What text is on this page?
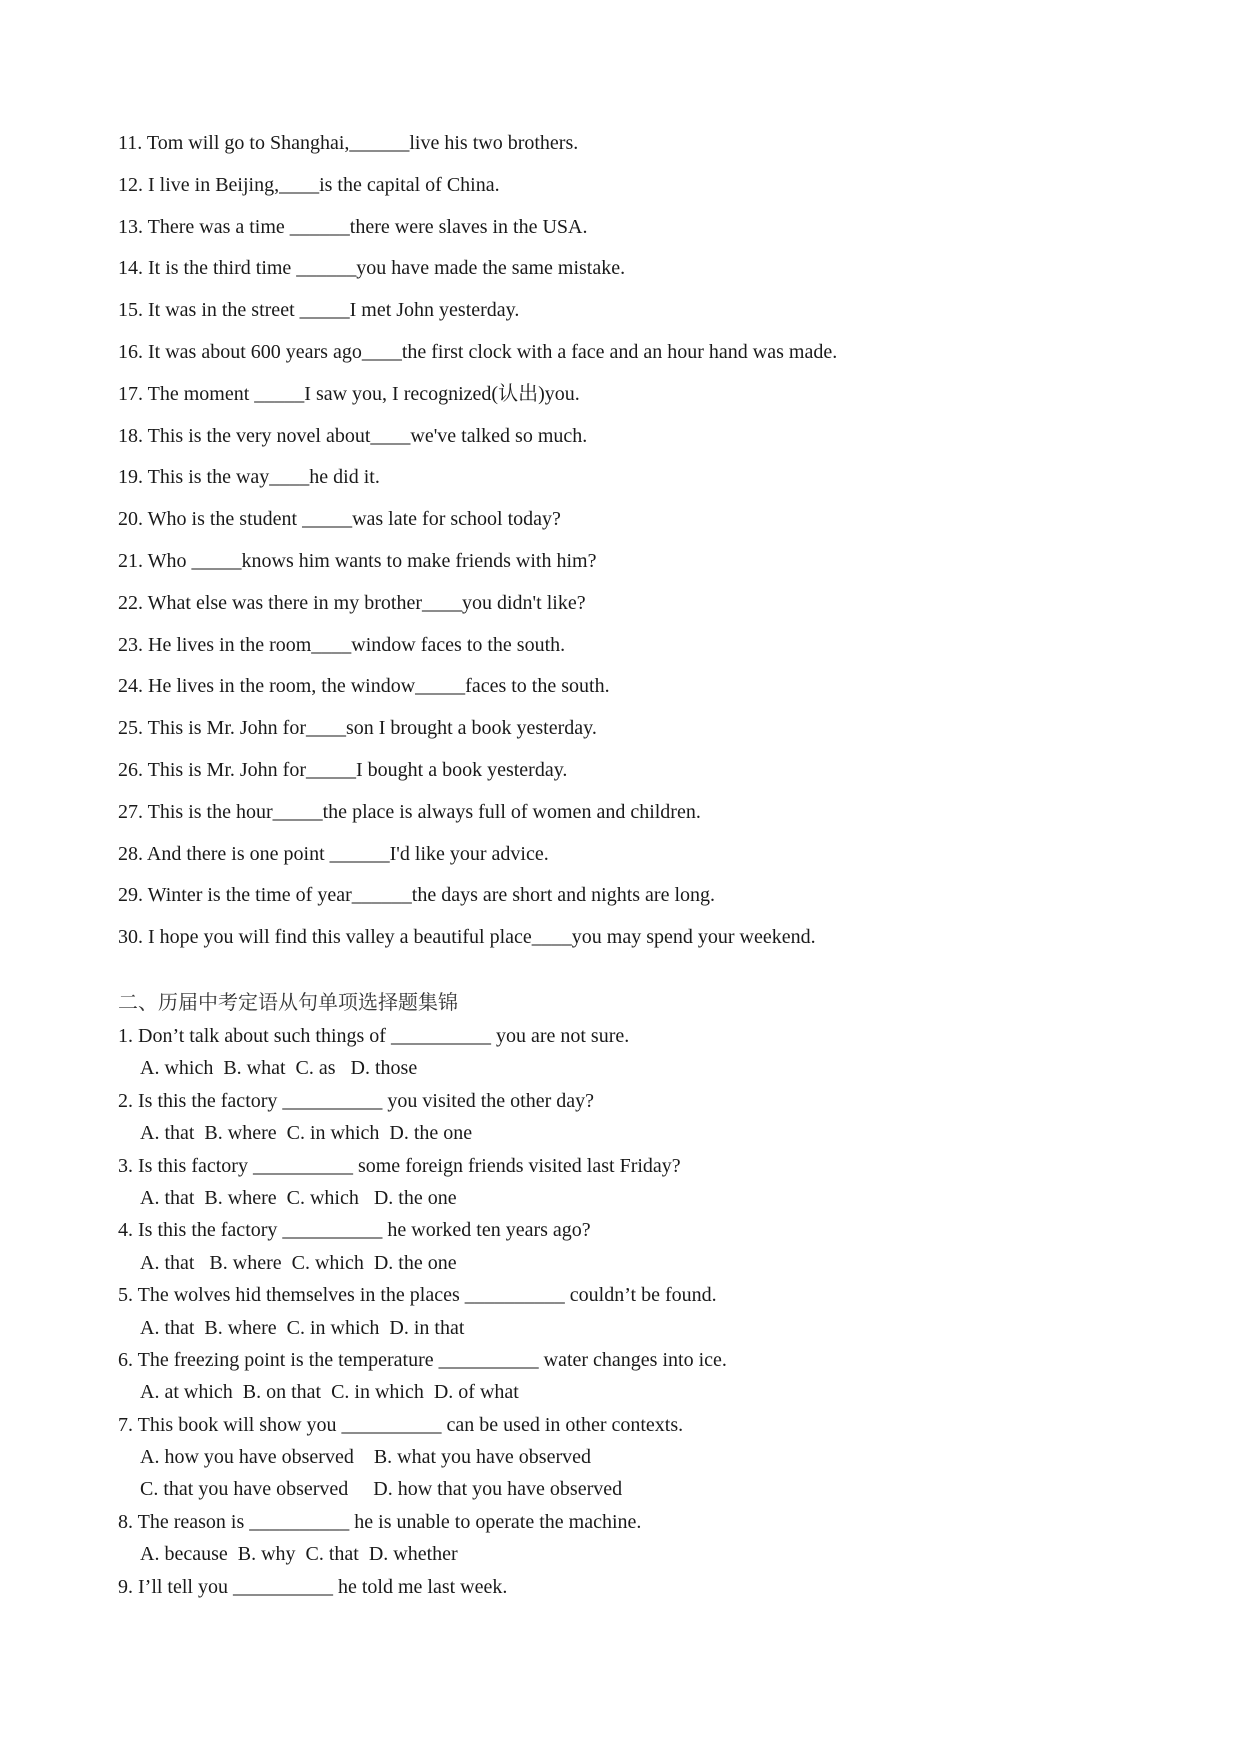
11. Tom will go to Shanghai,______live his two brothers.
12. I live in Beijing,____is the capital of China.
13. There was a time ______there were slaves in the USA.
14. It is the third time ______you have made the same mistake.
15. It was in the street _____I met John yesterday.
16. It was about 600 years ago____the first clock with a face and an hour hand was made.
17. The moment _____I saw you, I recognized(认出)you.
18. This is the very novel about____we've talked so much.
19. This is the way____he did it.
20. Who is the student _____was late for school today?
21. Who _____knows him wants to make friends with him?
22. What else was there in my brother____you didn't like?
23. He lives in the room____window faces to the south.
24. He lives in the room, the window_____faces to the south.
25. This is Mr. John for____son I brought a book yesterday.
26. This is Mr. John for_____I bought a book yesterday.
27. This is the hour_____the place is always full of women and children.
28. And there is one point ______I'd like your advice.
29. Winter is the time of year______the days are short and nights are long.
30. I hope you will find this valley a beautiful place____you may spend your weekend.
二、历届中考定语从句单项选择题集锦
1. Don’t talk about such things of __________ you are not sure.
A. which  B. what  C. as   D. those
2. Is this the factory __________ you visited the other day?
A. that  B. where  C. in which  D. the one
3. Is this factory __________ some foreign friends visited last Friday?
A. that  B. where  C. which   D. the one
4. Is this the factory __________ he worked ten years ago?
A. that   B. where  C. which  D. the one
5. The wolves hid themselves in the places __________ couldn’t be found.
A. that  B. where  C. in which  D. in that
6. The freezing point is the temperature __________ water changes into ice.
A. at which  B. on that  C. in which  D. of what
7. This book will show you __________ can be used in other contexts.
A. how you have observed    B. what you have observed
C. that you have observed     D. how that you have observed
8. The reason is __________ he is unable to operate the machine.
A. because  B. why  C. that  D. whether
9. I’ll tell you __________ he told me last week.
